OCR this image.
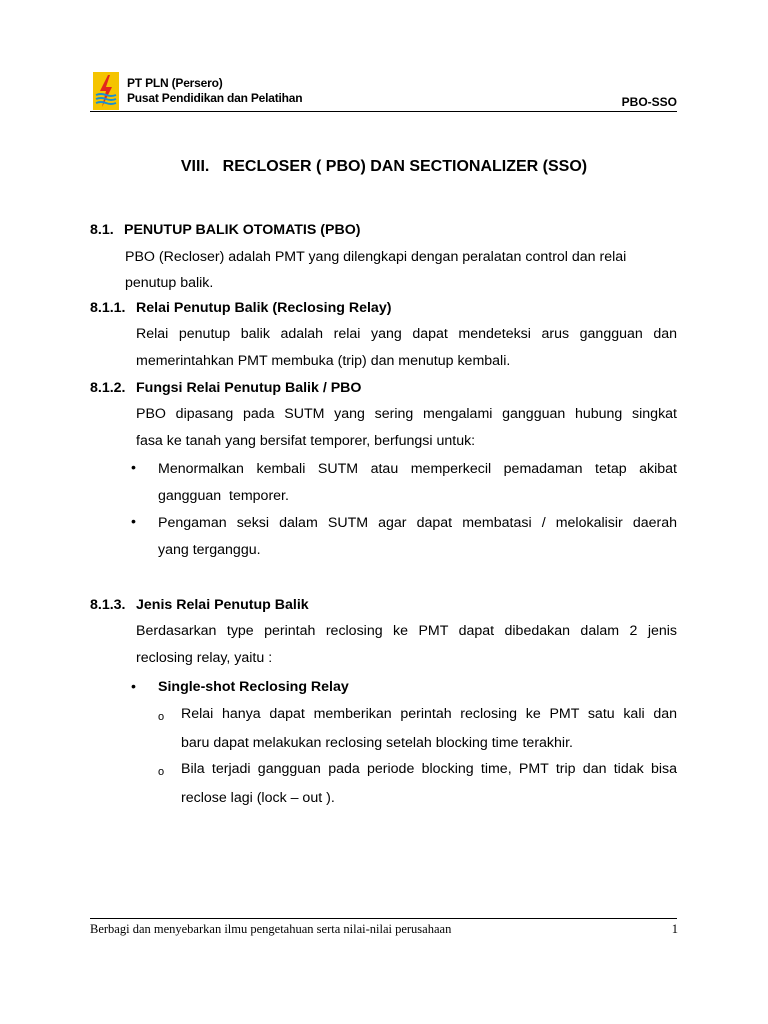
PT PLN (Persero)
Pusat Pendidikan dan Pelatihan	PBO-SSO
VIII.   RECLOSER ( PBO) DAN SECTIONALIZER (SSO)
8.1. PENUTUP BALIK OTOMATIS (PBO)
PBO (Recloser) adalah PMT yang dilengkapi dengan peralatan control dan relai
penutup balik.
8.1.1. Relai Penutup Balik (Reclosing Relay)
Relai penutup balik adalah relai yang dapat mendeteksi arus gangguan dan
memerintahkan PMT membuka (trip) dan menutup kembali.
8.1.2. Fungsi Relai Penutup Balik / PBO
PBO dipasang pada SUTM yang sering mengalami gangguan hubung singkat
fasa ke tanah yang bersifat temporer, berfungsi untuk:
• Menormalkan kembali SUTM atau memperkecil pemadaman tetap akibat
gangguan  temporer.
• Pengaman seksi dalam SUTM agar dapat membatasi / melokalisir daerah
yang terganggu.
8.1.3. Jenis Relai Penutup Balik
Berdasarkan type perintah reclosing ke PMT dapat dibedakan dalam 2 jenis
reclosing relay, yaitu :
• Single-shot Reclosing Relay
o Relai hanya dapat memberikan perintah reclosing ke PMT satu kali dan
baru dapat melakukan reclosing setelah blocking time terakhir.
o Bila terjadi gangguan pada periode blocking time, PMT trip dan tidak bisa
reclose lagi (lock – out ).
Berbagi dan menyebarkan ilmu pengetahuan serta nilai-nilai perusahaan	1
